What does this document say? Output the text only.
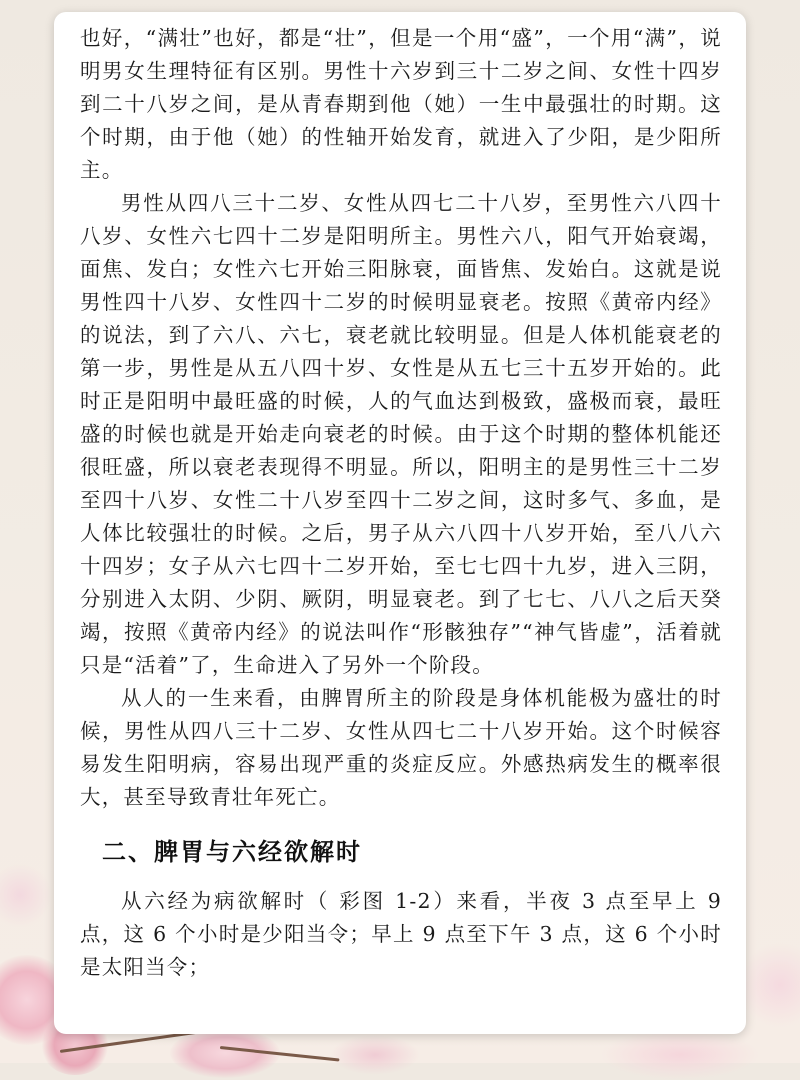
也好，“满壮”也好，都是“壮”，但是一个用“盛”，一个用“满”，说明男女生理特征有区别。男性十六岁到三十二岁之间、女性十四岁到二十八岁之间，是从青春期到他（她）一生中最强壮的时期。这个时期，由于他（她）的性轴开始发育，就进入了少阳，是少阳所主。

男性从四八三十二岁、女性从四七二十八岁，至男性六八四十八岁、女性六七四十二岁是阳明所主。男性六八，阳气开始衰竭，面焦、发白；女性六七开始三阳脉衰，面皆焦、发始白。这就是说男性四十八岁、女性四十二岁的时候明显衰老。按照《黄帝内经》的说法，到了六八、六七，衰老就比较明显。但是人体机能衰老的第一步，男性是从五八四十岁、女性是从五七三十五岁开始的。此时正是阳明中最旺盛的时候，人的气血达到极致，盛极而衰，最旺盛的时候也就是开始走向衰老的时候。由于这个时期的整体机能还很旺盛，所以衰老表现得不明显。所以，阳明主的是男性三十二岁至四十八岁、女性二十八岁至四十二岁之间，这时多气、多血，是人体比较强壮的时候。之后，男子从六八四十八岁开始，至八八六十四岁；女子从六七四十二岁开始，至七七四十九岁，进入三阴，分别进入太阴、少阴、厥阴，明显衰老。到了七七、八八之后天癸竭，按照《黄帝内经》的说法叫作“形骸独存”“神气皆虚”，活着就只是“活着”了，生命进入了另外一个阶段。

从人的一生来看，由脾胃所主的阶段是身体机能极为盛壮的时候，男性从四八三十二岁、女性从四七二十八岁开始。这个时候容易发生阳明病，容易出现严重的炎症反应。外感热病发生的概率很大，甚至导致青壮年死亡。

二、脾胃与六经欲解时

从六经为病欲解时（ 彩图 1-2）来看，半夜 3 点至早上 9 点，这 6 个小时是少阳当令；早上 9 点至下午 3 点，这 6 个小时是太阳当令；
